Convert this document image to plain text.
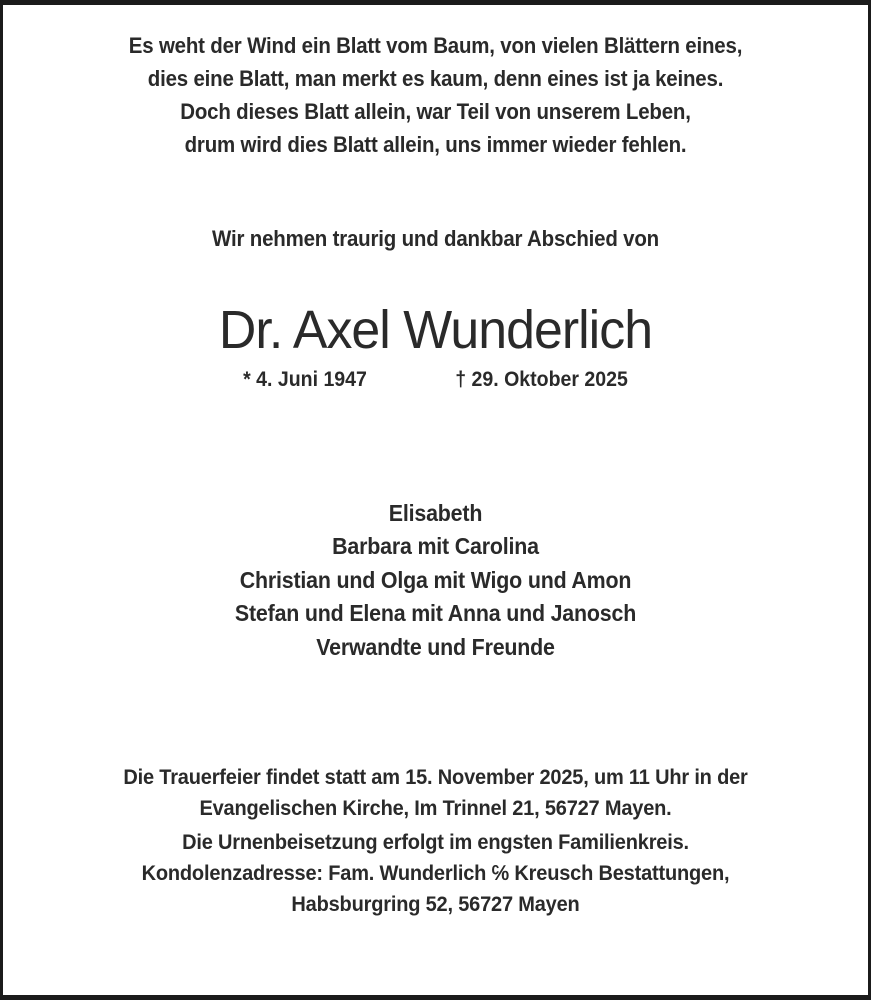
Es weht der Wind ein Blatt vom Baum, von vielen Blättern eines,
dies eine Blatt, man merkt es kaum, denn eines ist ja keines.
Doch dieses Blatt allein, war Teil von unserem Leben,
drum wird dies Blatt allein, uns immer wieder fehlen.
Wir nehmen traurig und dankbar Abschied von
Dr. Axel Wunderlich
* 4. Juni 1947	† 29. Oktober 2025
Elisabeth
Barbara mit Carolina
Christian und Olga mit Wigo und Amon
Stefan und Elena mit Anna und Janosch
Verwandte und Freunde
Die Trauerfeier findet statt am 15. November 2025, um 11 Uhr in der
Evangelischen Kirche, Im Trinnel 21, 56727 Mayen.
Die Urnenbeisetzung erfolgt im engsten Familienkreis.
Kondolenzadresse: Fam. Wunderlich ℅ Kreusch Bestattungen,
Habsburgring 52, 56727 Mayen
